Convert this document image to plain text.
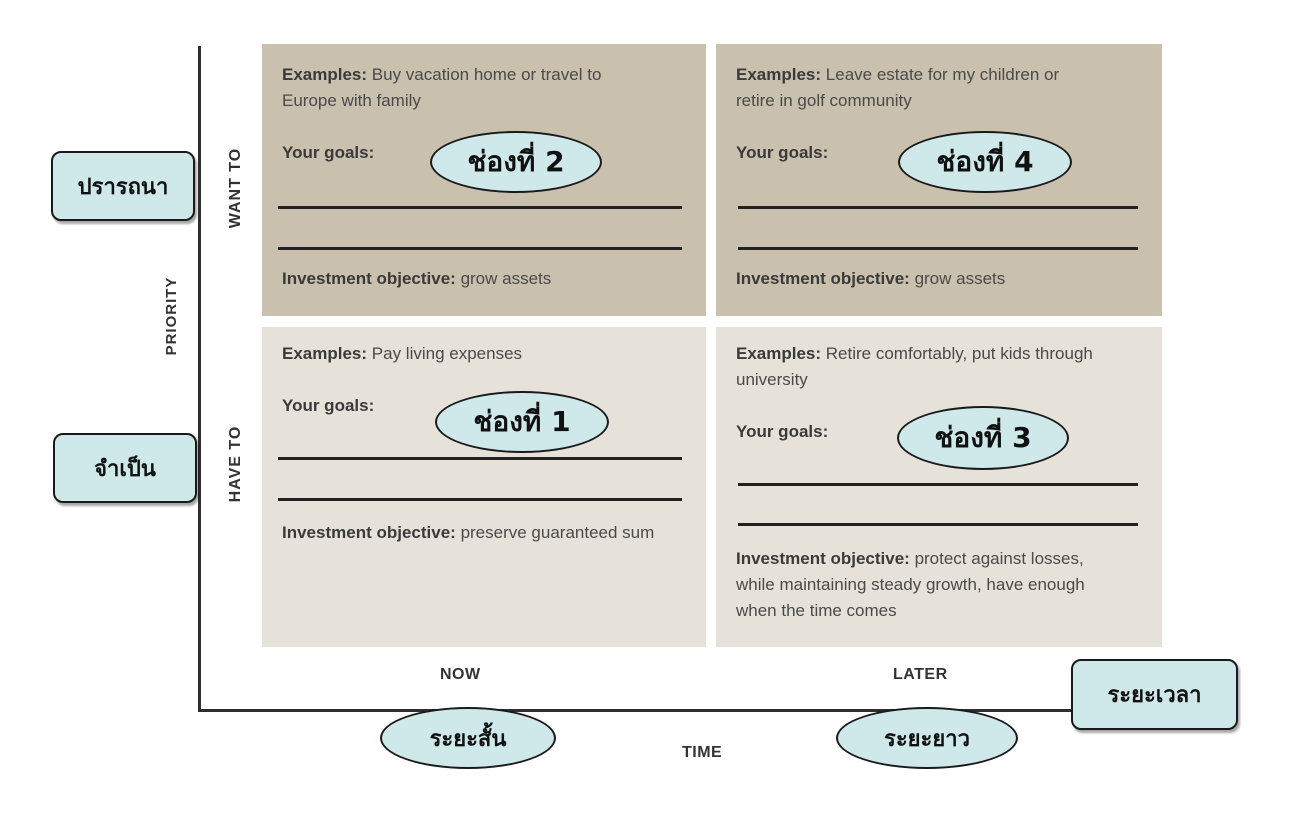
PRIORITY
WANT TO
HAVE TO
NOW	LATER
TIME
Examples: Buy vacation home or travel to Europe with family
Your goals:
Investment objective: grow assets
ช่องที่ 2
Examples: Leave estate for my children or retire in golf community
Your goals:
Investment objective: grow assets
ช่องที่ 4
Examples: Pay living expenses
Your goals:
Investment objective: preserve guaranteed sum
ช่องที่ 1
Examples: Retire comfortably, put kids through university
Your goals:
Investment objective: protect against losses, while maintaining steady growth, have enough when the time comes
ช่องที่ 3
ปรารถนา
จำเป็น
ระยะเวลา
ระยะสั้น	ระยะยาว
